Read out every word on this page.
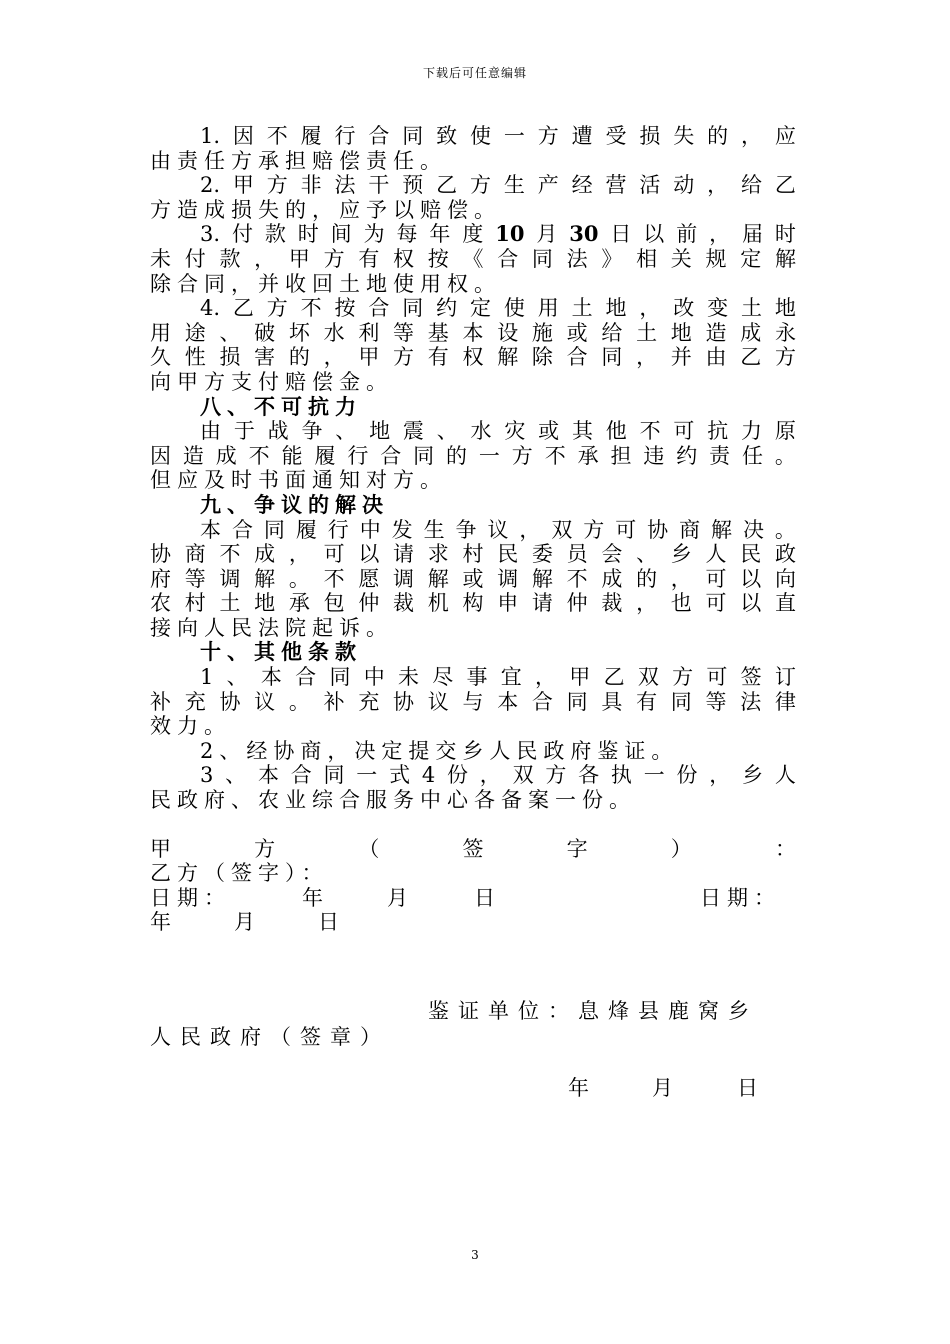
下载后可任意编辑
1. 因 不 履 行 合 同 致 使 一 方 遭 受 损 失 的 ， 应
由责任方承担赔偿责任。
2. 甲 方 非 法 干 预 乙 方 生 产 经 营 活 动 ， 给 乙
方造成损失的，应予以赔偿。
3. 付 款 时 间 为 每 年 度 10 月 30 日 以 前 ， 届 时
未 付 款 ， 甲 方 有 权 按 《 合 同 法 》 相 关 规 定 解
除合同，并收回土地使用权。
4. 乙 方 不 按 合 同 约 定 使 用 土 地 ， 改 变 土 地
用 途 、 破 坏 水 利 等 基 本 设 施 或 给 土 地 造 成 永
久 性 损 害 的 ， 甲 方 有 权 解 除 合 同 ， 并 由 乙 方
向甲方支付赔偿金。
八、不可抗力
由 于 战 争 、 地 震 、 水 灾 或 其 他 不 可 抗 力 原
因 造 成 不 能 履 行 合 同 的 一 方 不 承 担 违 约 责 任 。
但应及时书面通知对方。
九、争议的解决
本 合 同 履 行 中 发 生 争 议 ， 双 方 可 协 商 解 决 。
协 商 不 成 ， 可 以 请 求 村 民 委 员 会 、 乡 人 民 政
府 等 调 解 。 不 愿 调 解 或 调 解 不 成 的 ， 可 以 向
农 村 土 地 承 包 仲 裁 机 构 申 请 仲 裁 ， 也 可 以 直
接向人民法院起诉。
十、其他条款
1 、 本 合 同 中 未 尽 事 宜 ， 甲 乙 双 方 可 签 订
补 充 协 议 。 补 充 协 议 与 本 合 同 具 有 同 等 法 律
效力。
2、经协商，决定提交乡人民政府鉴证。
3 、 本 合 同 一 式 4 份 ， 双 方 各 执 一 份 ， 乡 人
民政府、农业综合服务中心各备案一份。
甲	方	（	签	字	）	：
乙方（签字）：
日期：	年	月	日	日期：
年	月	日
鉴证单位：息烽县鹿窝乡
人民政府（签章）
年	月	日
3
